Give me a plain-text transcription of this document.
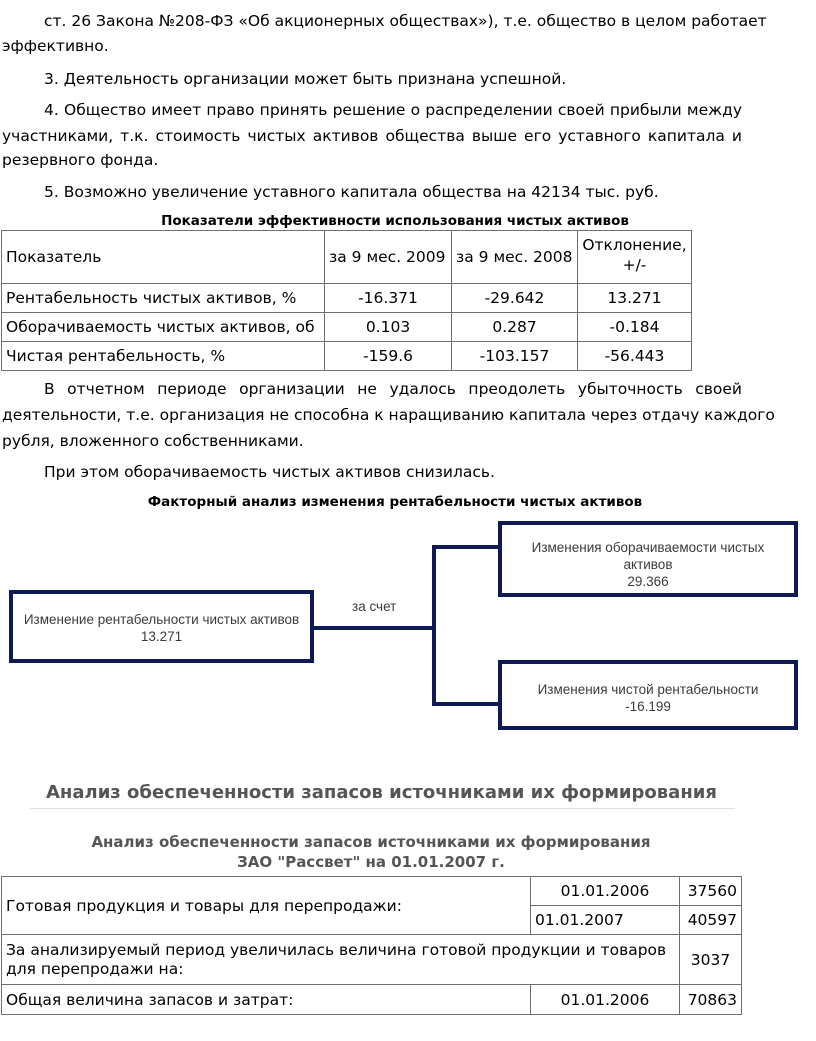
ст. 26 Закона №208-ФЗ «Об акционерных обществах»), т.е. общество в целом работает
эффективно.
3. Деятельность организации может быть признана успешной.
4. Общество имеет право принять решение о распределении своей прибыли между
участниками, т.к. стоимость чистых активов общества выше его уставного капитала и
резервного фонда.
5. Возможно увеличение уставного капитала общества на 42134 тыс. руб.
Показатели эффективности использования чистых активов
Показатель	за 9 мес. 2009	за 9 мес. 2008	Отклонение,
+/-

Рентабельность чистых активов, %	-16.371	-29.642	13.271
Оборачиваемость чистых активов, об	0.103	0.287	-0.184
Чистая рентабельность, %	-159.6	-103.157	-56.443
В отчетном периоде организации не удалось преодолеть убыточность своей
деятельности, т.е. организация не способна к наращиванию капитала через отдачу каждого
рубля, вложенного собственниками.
При этом оборачиваемость чистых активов снизилась.
Факторный анализ изменения рентабельности чистых активов
за счет
Изменение рентабельности чистых активов
13.271
Изменения оборачиваемости чистых
активов
29.366
Изменения чистой рентабельности
-16.199
Анализ обеспеченности запасов источниками их формирования
Анализ обеспеченности запасов источниками их формирования
ЗАО "Рассвет" на 01.01.2007 г.
Готовая продукция и товары для перепродажи:	01.01.2006	37560
	01.01.2007	40597

За анализируемый период увеличилась величина готовой продукции и товаров
для перепродажи на:		3037
Общая величина запасов и затрат:	01.01.2006	70863
